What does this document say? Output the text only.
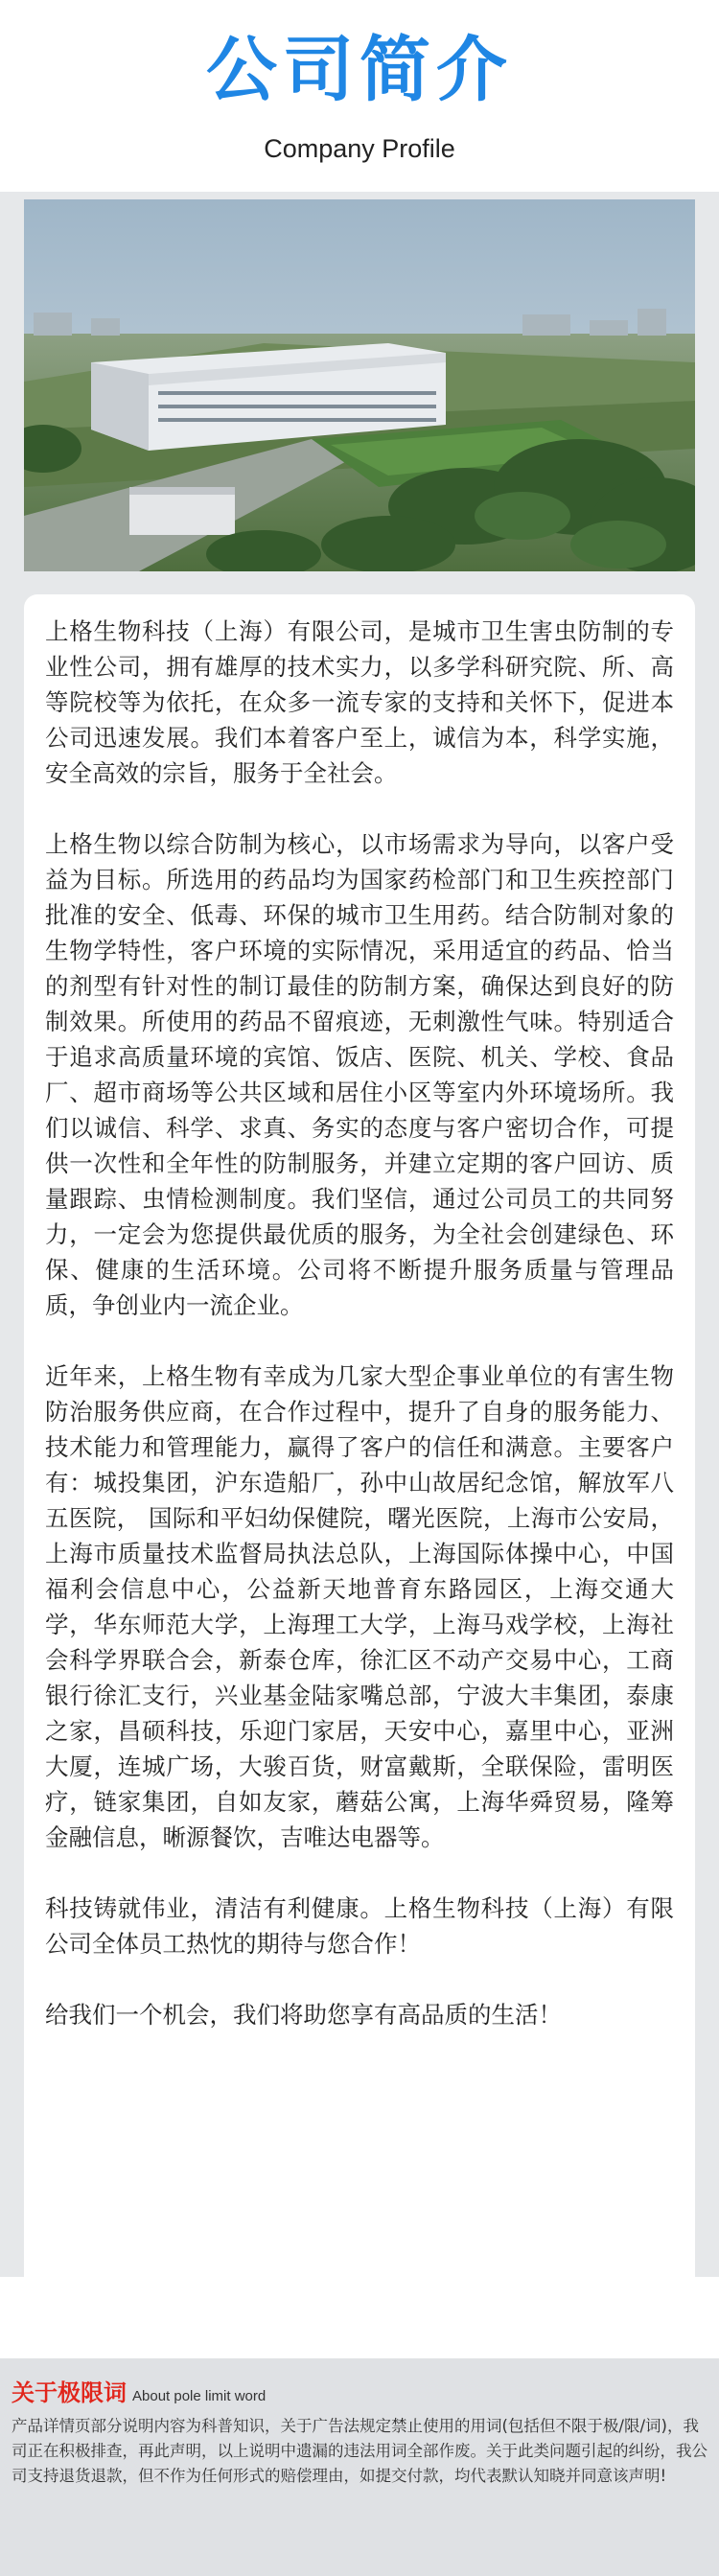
公司简介
Company Profile

上格生物科技（上海）有限公司，是城市卫生害虫防制的专业性公司，拥有雄厚的技术实力，以多学科研究院、所、高等院校等为依托，在众多一流专家的支持和关怀下，促进本 公司迅速发展。我们本着客户至上，诚信为本，科学实施，安全高效的宗旨，服务于全社会。

上格生物以综合防制为核心，以市场需求为导向，以客户受益为目标。所选用的药品均为国家药检部门和卫生疾控部门批准的安全、低毒、环保的城市卫生用药。结合防制对象的生物学特性，客户环境的实际情况，采用适宜的药品、恰当的剂型有针对性的制订最佳的防制方案，确保达到良好的防制效果。所使用的药品不留痕迹，无刺激性气味。特别适合于追求高质量环境的宾馆、饭店、医院、机关、学校、食品厂、超市商场等公共区域和居住小区等室内外环境场所。我们以诚信、科学、求真、务实的态度与客户密切合作，可提供一次性和全年性的防制服务，并建立定期的客户回访、质量跟踪、虫情检测制度。我们坚信，通过公司员工的共同努力，一定会为您提供最优质的服务，为全社会创建绿色、环保、健康的生活环境。公司将不断提升服务质量与管理品质，争创业内一流企业。

近年来，上格生物有幸成为几家大型企事业单位的有害生物防治服务供应商，在合作过程中，提升了自身的服务能力、技术能力和管理能力，赢得了客户的信任和满意。主要客户有：城投集团，沪东造船厂，孙中山故居纪念馆，解放军八五医院， 国际和平妇幼保健院，曙光医院，上海市公安局，上海市质量技术监督局执法总队，上海国际体操中心，中国福利会信息中心，公益新天地普育东路园区，上海交通大学，华东师范大学，上海理工大学，上海马戏学校，上海社会科学界联合会，新泰仓库，徐汇区不动产交易中心，工商银行徐汇支行，兴业基金陆家嘴总部，宁波大丰集团，泰康之家，昌硕科技，乐迎门家居，天安中心，嘉里中心，亚洲大厦，连城广场，大骏百货，财富戴斯，全联保险，雷明医疗，链家集团，自如友家，蘑菇公寓，上海华舜贸易，隆筹金融信息，晰源餐饮，吉唯达电器等。

科技铸就伟业，清洁有利健康。上格生物科技（上海）有限公司全体员工热忱的期待与您合作！

给我们一个机会，我们将助您享有高品质的生活！

关于极限词 About pole limit word
产品详情页部分说明内容为科普知识，关于广告法规定禁止使用的用词(包括但不限于极/限/词)，我司正在积极排查，再此声明，以上说明中遗漏的违法用词全部作废。关于此类问题引起的纠纷，我公司支持退货退款，但不作为任何形式的赔偿理由，如提交付款，均代表默认知晓并同意该声明!
